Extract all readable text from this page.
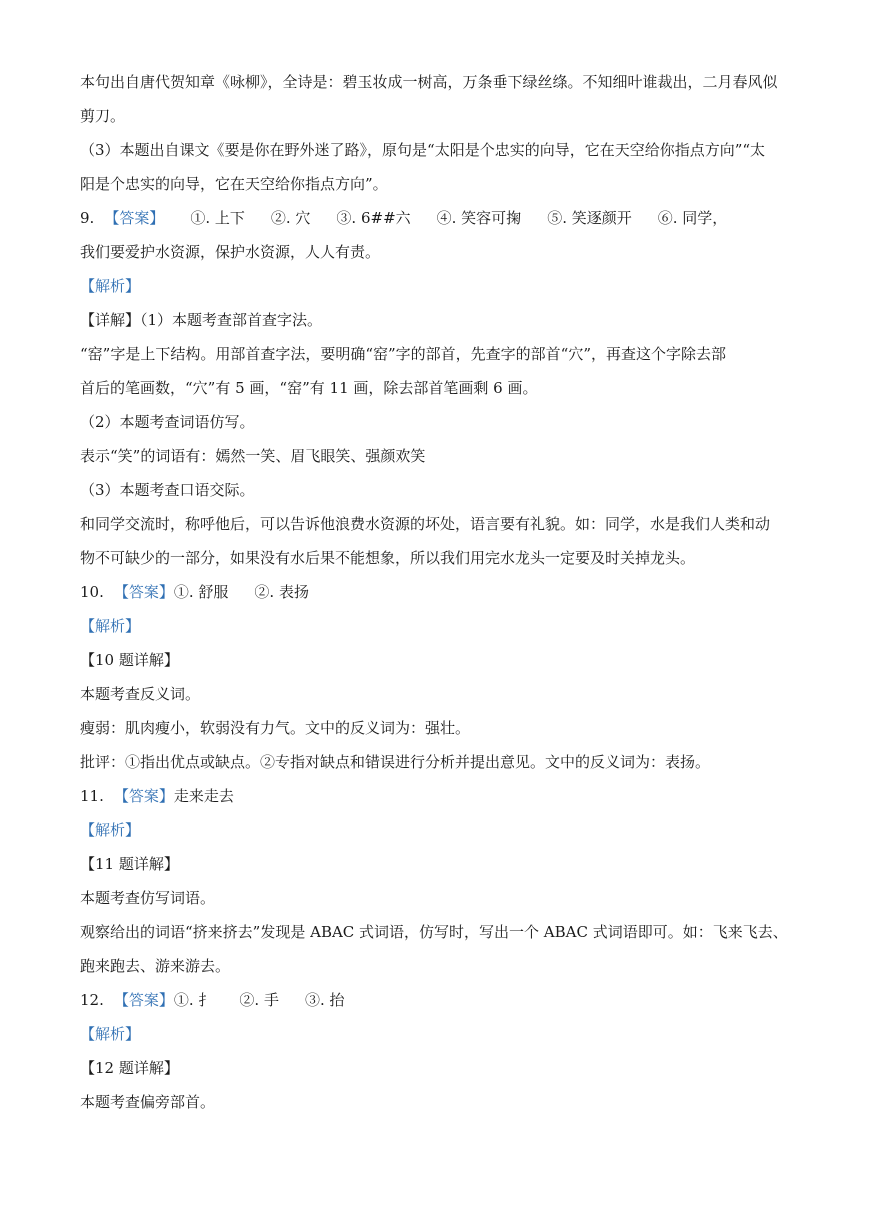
本句出自唐代贺知章《咏柳》，全诗是：碧玉妆成一树高，万条垂下绿丝绦。不知细叶谁裁出，二月春风似
剪刀。
（3）本题出自课文《要是你在野外迷了路》，原句是“太阳是个忠实的向导，它在天空给你指点方向”“太
阳是个忠实的向导，它在天空给你指点方向”。
9. 【答案】 ①. 上下 ②. 穴 ③. 6##六 ④. 笑容可掬 ⑤. 笑逐颜开 ⑥. 同学，
我们要爱护水资源，保护水资源，人人有责。
【解析】
【详解】（1）本题考查部首查字法。
“窑”字是上下结构。用部首查字法，要明确“窑”字的部首，先查字的部首“穴”，再查这个字除去部
首后的笔画数，“穴”有 5 画，“窑”有 11 画，除去部首笔画剩 6 画。
（2）本题考查词语仿写。
表示“笑”的词语有：嫣然一笑、眉飞眼笑、强颜欢笑
（3）本题考查口语交际。
和同学交流时，称呼他后，可以告诉他浪费水资源的坏处，语言要有礼貌。如：同学，水是我们人类和动
物不可缺少的一部分，如果没有水后果不能想象，所以我们用完水龙头一定要及时关掉龙头。
10. 【答案】①. 舒服 ②. 表扬
【解析】
【10 题详解】
本题考查反义词。
瘦弱：肌肉瘦小，软弱没有力气。文中的反义词为：强壮。
批评：①指出优点或缺点。②专指对缺点和错误进行分析并提出意见。文中的反义词为：表扬。
11. 【答案】走来走去
【解析】
【11 题详解】
本题考查仿写词语。
观察给出的词语“挤来挤去”发现是 ABAC 式词语，仿写时，写出一个 ABAC 式词语即可。如：飞来飞去、
跑来跑去、游来游去。
12. 【答案】①. 扌 ②. 手 ③. 抬
【解析】
【12 题详解】
本题考查偏旁部首。
